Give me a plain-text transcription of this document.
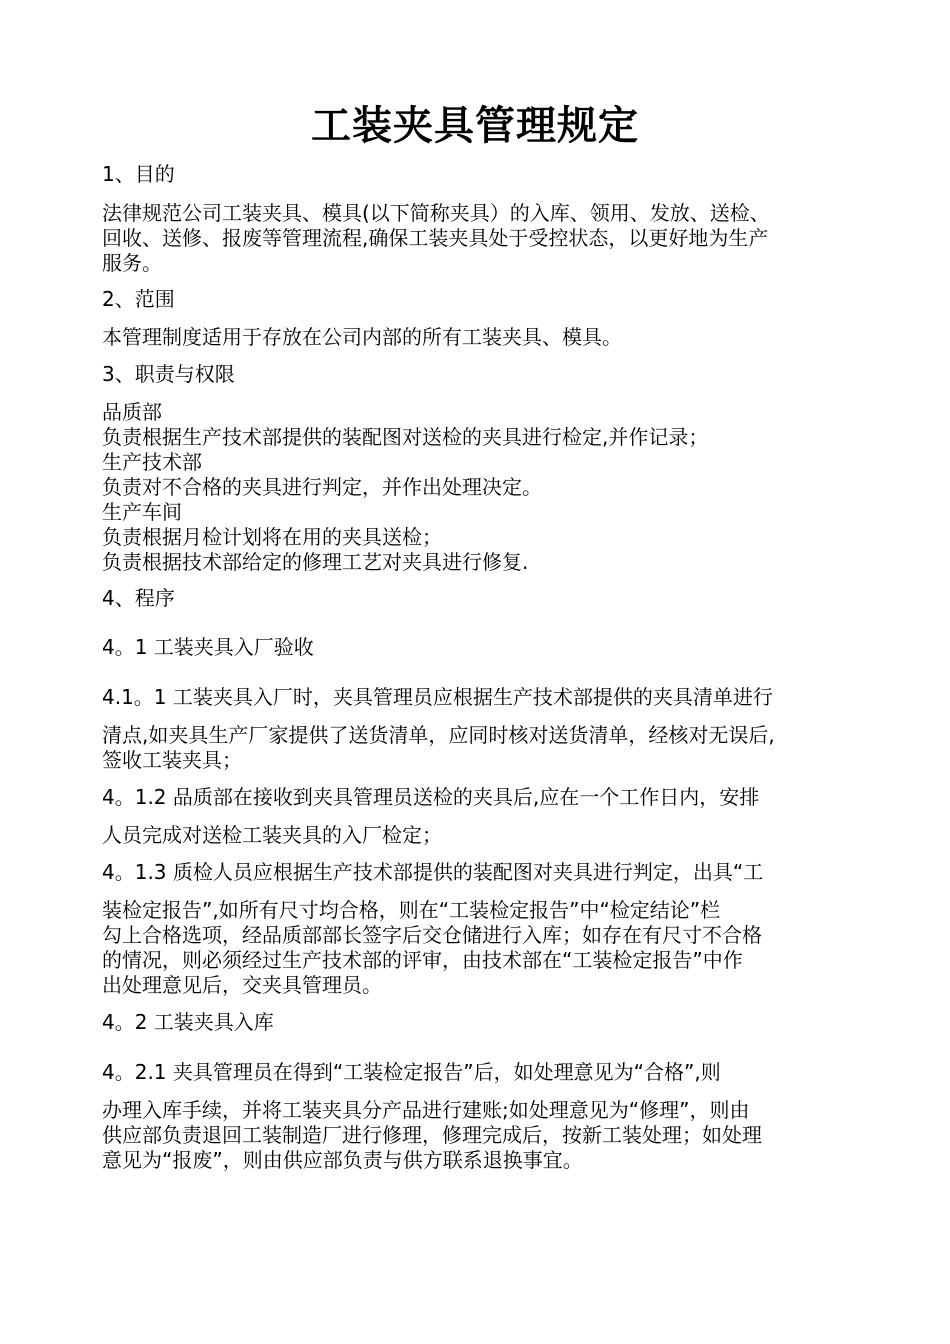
工装夹具管理规定
1、目的
法律规范公司工装夹具、模具(以下简称夹具）的入库、领用、发放、送检、
回收、送修、报废等管理流程,确保工装夹具处于受控状态，以更好地为生产
服务。
2、范围
本管理制度适用于存放在公司内部的所有工装夹具、模具。
3、职责与权限
品质部
负责根据生产技术部提供的装配图对送检的夹具进行检定,并作记录；
生产技术部
负责对不合格的夹具进行判定，并作出处理决定。
生产车间
负责根据月检计划将在用的夹具送检；
负责根据技术部给定的修理工艺对夹具进行修复.
4、程序
4。1 工装夹具入厂验收
4.1。1 工装夹具入厂时，夹具管理员应根据生产技术部提供的夹具清单进行
清点,如夹具生产厂家提供了送货清单，应同时核对送货清单，经核对无误后,
签收工装夹具；
4。1.2 品质部在接收到夹具管理员送检的夹具后,应在一个工作日内，安排
人员完成对送检工装夹具的入厂检定；
4。1.3 质检人员应根据生产技术部提供的装配图对夹具进行判定，出具“工
装检定报告”,如所有尺寸均合格，则在“工装检定报告”中“检定结论”栏
勾上合格选项，经品质部部长签字后交仓储进行入库；如存在有尺寸不合格
的情况，则必须经过生产技术部的评审，由技术部在“工装检定报告”中作
出处理意见后，交夹具管理员。
4。2 工装夹具入库
4。2.1 夹具管理员在得到“工装检定报告”后，如处理意见为“合格”,则
办理入库手续，并将工装夹具分产品进行建账;如处理意见为“修理”，则由
供应部负责退回工装制造厂进行修理，修理完成后，按新工装处理；如处理
意见为“报废”，则由供应部负责与供方联系退换事宜。
